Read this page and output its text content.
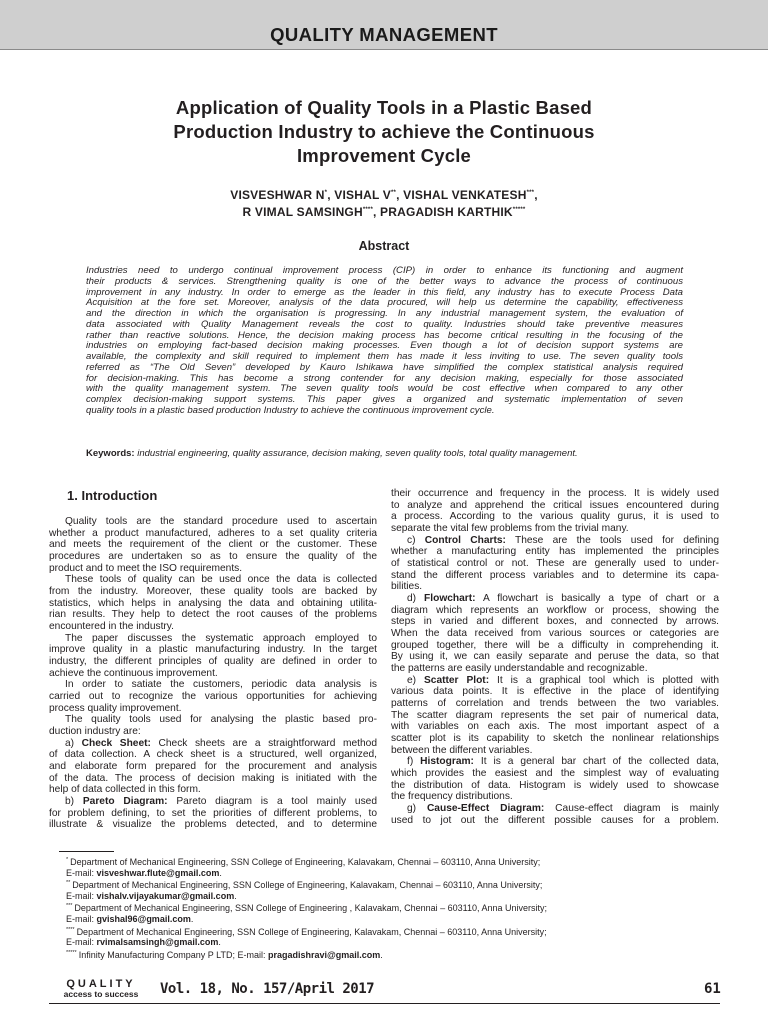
QUALITY MANAGEMENT
Application of Quality Tools in a Plastic Based
Production Industry to achieve the Continuous
Improvement Cycle
VISVESHWAR N*, VISHAL V**, VISHAL VENKATESH***,
R VIMAL SAMSINGH****, PRAGADISH KARTHIK*****
Abstract
Industries need to undergo continual improvement process (CIP) in order to enhance its functioning and augment
their products & services. Strengthening quality is one of the better ways to advance the process of continuous
improvement in any industry. In order to emerge as the leader in this field, any industry has to execute Process Data
Acquisition at the fore set. Moreover, analysis of the data procured, will help us determine the capability, effectiveness
and the direction in which the organisation is progressing. In any industrial management system, the evaluation of
data associated with Quality Management reveals the cost to quality. Industries should take preventive measures
rather than reactive solutions. Hence, the decision making process has become critical resulting in the focusing of the
industries on employing fact-based decision making processes. Even though a lot of decision support systems are
available, the complexity and skill required to implement them has made it less inviting to use. The seven quality tools
referred as “The Old Seven” developed by Kauro Ishikawa have simplified the complex statistical analysis required
for decision-making. This has become a strong contender for any decision making, especially for those associated
with the quality management system. The seven quality tools would be cost effective when compared to any other
complex decision-making support systems. This paper gives a organized and systematic implementation of seven
quality tools in a plastic based production Industry to achieve the continuous improvement cycle.
Keywords: industrial engineering, quality assurance, decision making, seven quality tools, total quality management.
1. Introduction
Quality tools are the standard procedure used to ascertain
whether a product manufactured, adheres to a set quality criteria
and meets the requirement of the client or the customer. These
procedures are undertaken so as to ensure the quality of the
product and to meet the ISO requirements.
These tools of quality can be used once the data is collected
from the industry. Moreover, these quality tools are backed by
statistics, which helps in analysing the data and obtaining utilita-
rian results. They help to detect the root causes of the problems
encountered in the industry.
The paper discusses the systematic approach employed to
improve quality in a plastic manufacturing industry. In the target
industry, the different principles of quality are defined in order to
achieve the continuous improvement.
In order to satiate the customers, periodic data analysis is
carried out to recognize the various opportunities for achieving
process quality improvement.
The quality tools used for analysing the plastic based pro-
duction industry are:
a) Check Sheet: Check sheets are a straightforward method
of data collection. A check sheet is a structured, well organized,
and elaborate form prepared for the procurement and analysis
of the data. The process of decision making is initiated with the
help of data collected in this form.
b) Pareto Diagram: Pareto diagram is a tool mainly used
for problem defining, to set the priorities of different problems, to
illustrate & visualize the problems detected, and to determine
their occurrence and frequency in the process. It is widely used
to analyze and apprehend the critical issues encountered during
a process. According to the various quality gurus, it is used to
separate the vital few problems from the trivial many.
c) Control Charts: These are the tools used for defining
whether a manufacturing entity has implemented the principles
of statistical control or not. These are generally used to under-
stand the different process variables and to determine its capa-
bilities.
d) Flowchart: A flowchart is basically a type of chart or a
diagram which represents an workflow or process, showing the
steps in varied and different boxes, and connected by arrows.
When the data received from various sources or categories are
grouped together, there will be a difficulty in comprehending it.
By using it, we can easily separate and peruse the data, so that
the patterns are easily understandable and recognizable.
e) Scatter Plot: It is a graphical tool which is plotted with
various data points. It is effective in the place of identifying
patterns of correlation and trends between the two variables.
The scatter diagram represents the set pair of numerical data,
with variables on each axis. The most important aspect of a
scatter plot is its capability to sketch the nonlinear relationships
between the different variables.
f) Histogram: It is a general bar chart of the collected data,
which provides the easiest and the simplest way of evaluating
the distribution of data. Histogram is widely used to showcase
the frequency distributions.
g) Cause-Effect Diagram: Cause-effect diagram is mainly
used to jot out the different possible causes for a problem.
* Department of Mechanical Engineering, SSN College of Engineering, Kalavakam, Chennai – 603110, Anna University;
E-mail: visveshwar.flute@gmail.com.
** Department of Mechanical Engineering, SSN College of Engineering, Kalavakam, Chennai – 603110, Anna University;
E-mail: vishalv.vijayakumar@gmail.com.
*** Department of Mechanical Engineering, SSN College of Engineering , Kalavakam, Chennai – 603110, Anna University;
E-mail: gvishal96@gmail.com.
**** Department of Mechanical Engineering, SSN College of Engineering, Kalavakam, Chennai – 603110, Anna University;
E-mail: rvimalsamsingh@gmail.com.
***** Infinity Manufacturing Company P LTD; E-mail: pragadishravi@gmail.com.
QUALITY
access to success	Vol. 18, No. 157/April 2017	61
